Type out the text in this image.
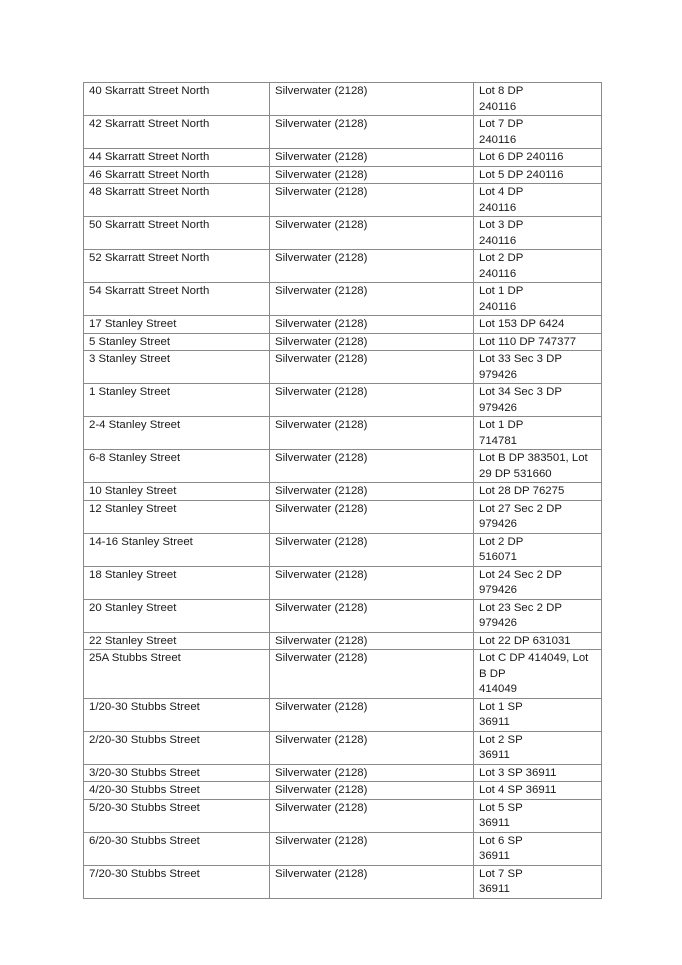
40 Skarratt Street North	Silverwater (2128)	Lot 8 DP
240116
42 Skarratt Street North	Silverwater (2128)	Lot 7 DP
240116
44 Skarratt Street North	Silverwater (2128)	Lot 6 DP 240116
46 Skarratt Street North	Silverwater (2128)	Lot 5 DP 240116
48 Skarratt Street North	Silverwater (2128)	Lot 4 DP
240116
50 Skarratt Street North	Silverwater (2128)	Lot 3 DP
240116
52 Skarratt Street North	Silverwater (2128)	Lot 2 DP
240116
54 Skarratt Street North	Silverwater (2128)	Lot 1 DP
240116
17 Stanley Street	Silverwater (2128)	Lot 153 DP 6424
5 Stanley Street	Silverwater (2128)	Lot 110 DP 747377
3 Stanley Street	Silverwater (2128)	Lot 33 Sec 3 DP
979426
1 Stanley Street	Silverwater (2128)	Lot 34 Sec 3 DP
979426
2-4 Stanley Street	Silverwater (2128)	Lot 1 DP
714781
6-8 Stanley Street	Silverwater (2128)	Lot B DP 383501, Lot
29 DP 531660
10 Stanley Street	Silverwater (2128)	Lot 28 DP 76275
12 Stanley Street	Silverwater (2128)	Lot 27 Sec 2 DP
979426
14-16 Stanley Street	Silverwater (2128)	Lot 2 DP
516071
18 Stanley Street	Silverwater (2128)	Lot 24 Sec 2 DP
979426
20 Stanley Street	Silverwater (2128)	Lot 23 Sec 2 DP
979426
22 Stanley Street	Silverwater (2128)	Lot 22 DP 631031
25A Stubbs Street	Silverwater (2128)	Lot C DP 414049, Lot
B DP
414049
1/20-30 Stubbs Street	Silverwater (2128)	Lot 1 SP
36911
2/20-30 Stubbs Street	Silverwater (2128)	Lot 2 SP
36911
3/20-30 Stubbs Street	Silverwater (2128)	Lot 3 SP 36911
4/20-30 Stubbs Street	Silverwater (2128)	Lot 4 SP 36911
5/20-30 Stubbs Street	Silverwater (2128)	Lot 5 SP
36911
6/20-30 Stubbs Street	Silverwater (2128)	Lot 6 SP
36911
7/20-30 Stubbs Street	Silverwater (2128)	Lot 7 SP
36911
